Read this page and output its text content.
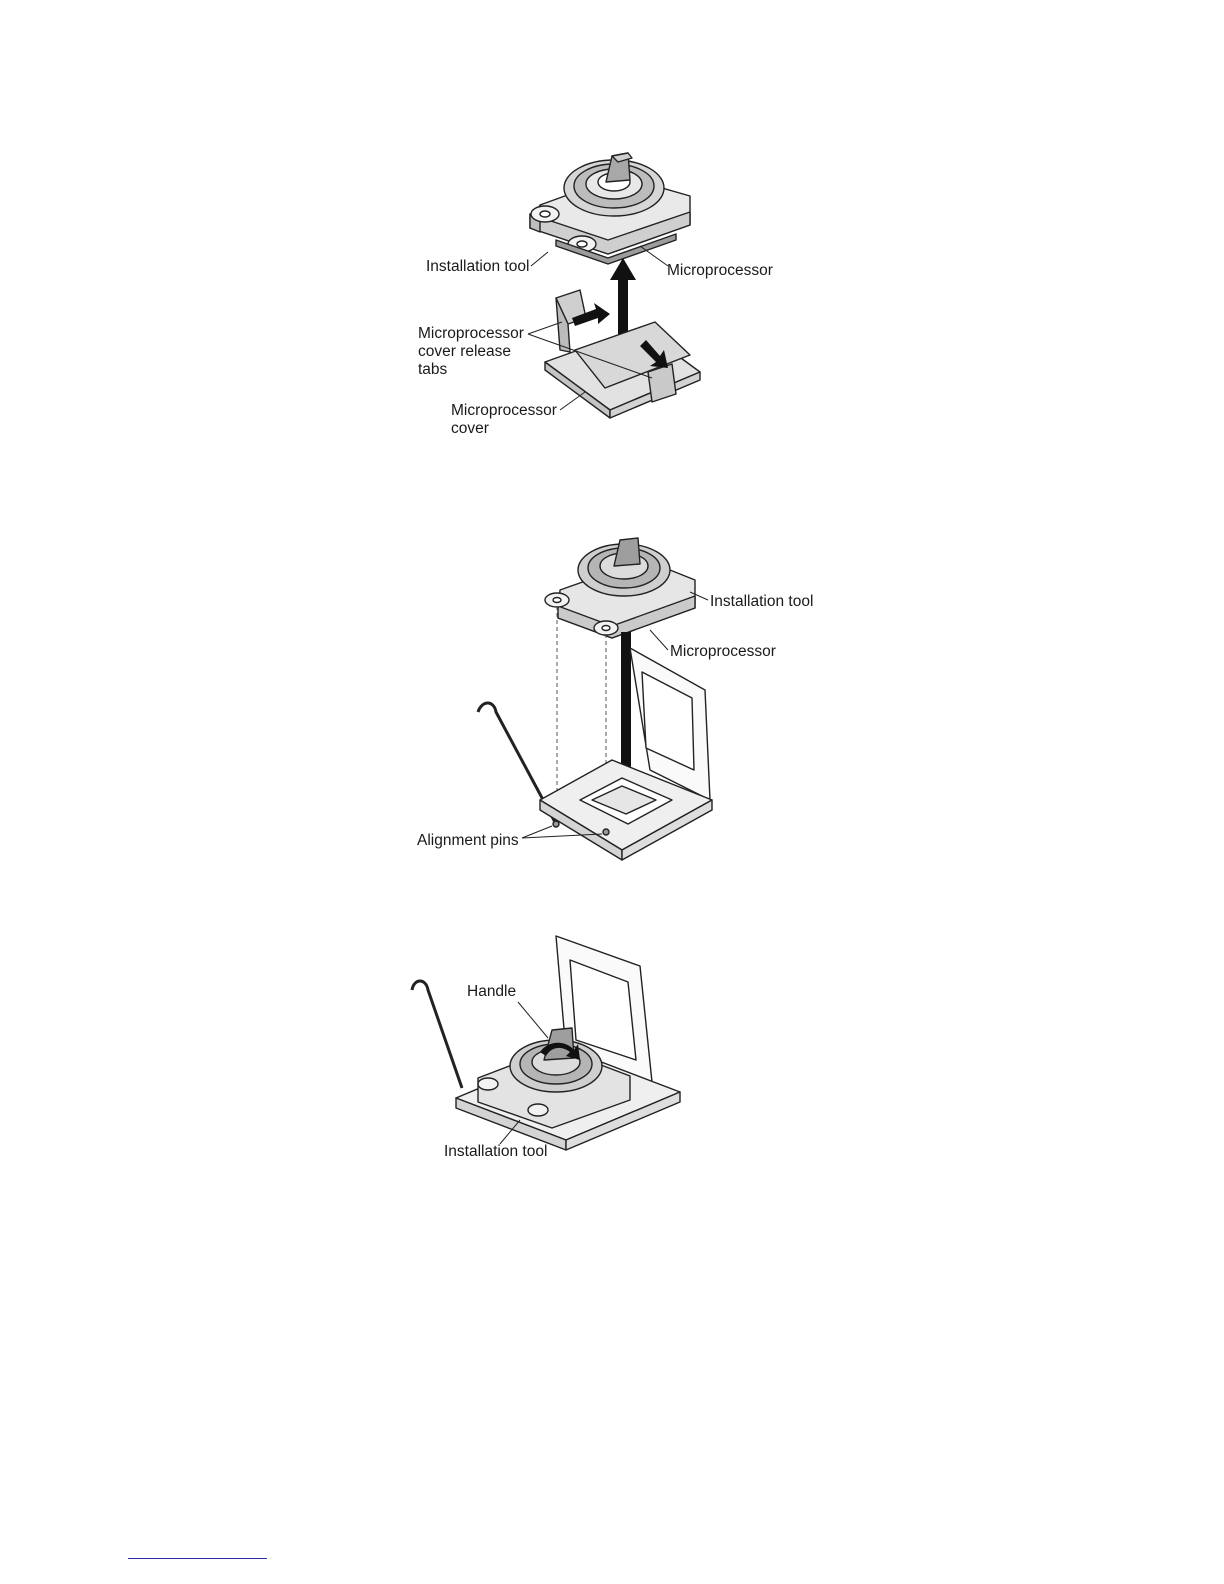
Installation tool	Microprocessor
Microprocessor
cover release
tabs
Microprocessor
cover
Installation tool
Microprocessor
Alignment pins
Handle
Installation tool
